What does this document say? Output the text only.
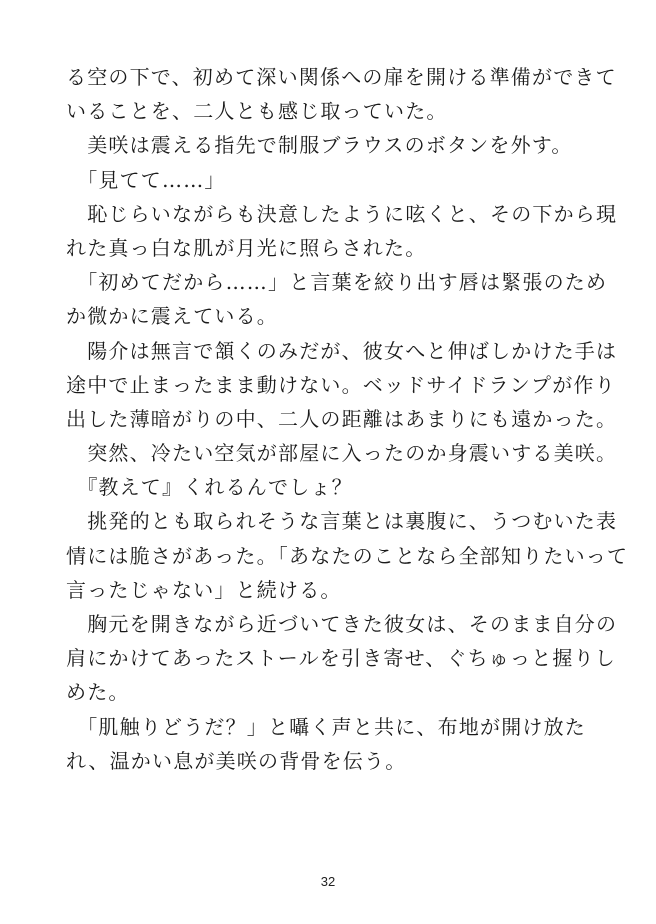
る空の下で、初めて深い関係への扉を開ける準備ができて
いることを、二人とも感じ取っていた。
　美咲は震える指先で制服ブラウスのボタンを外す。
　「見てて……」
　恥じらいながらも決意したように呟くと、その下から現
れた真っ白な肌が月光に照らされた。
　「初めてだから……」と言葉を絞り出す唇は緊張のため
か微かに震えている。
　陽介は無言で頷くのみだが、彼女へと伸ばしかけた手は
途中で止まったまま動けない。ベッドサイドランプが作り
出した薄暗がりの中、二人の距離はあまりにも遠かった。
　突然、冷たい空気が部屋に入ったのか身震いする美咲。
　『教えて』くれるんでしょ？
　挑発的とも取られそうな言葉とは裏腹に、うつむいた表
情には脆さがあった。「あなたのことなら全部知りたいって
言ったじゃない」と続ける。
　胸元を開きながら近づいてきた彼女は、そのまま自分の
肩にかけてあったストールを引き寄せ、ぐちゅっと握りし
めた。
　「肌触りどうだ？」と囁く声と共に、布地が開け放た
れ、温かい息が美咲の背骨を伝う。
32
